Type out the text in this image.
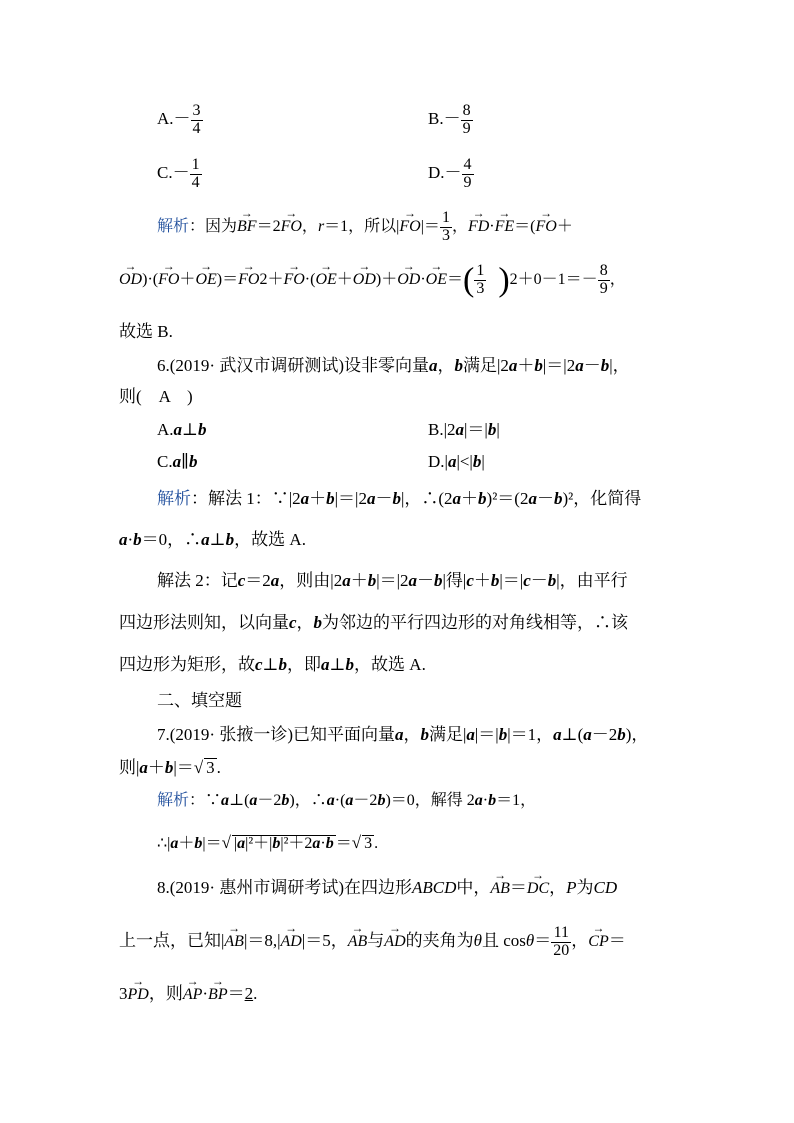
$A.- \frac{3}{4}$	$B.- \frac{8}{9}$
$C.- \frac{1}{4}$	$D.- \frac{4}{9}$
解析：因为→ BF＝2→ FO，r＝1，所以|→ $FO|= \frac{1}{3}$ ，→ FD·→ FE＝(→ FO＋
→ $OD)\cdot(\to FO+\to OE)=\to FO2+\to FO\cdot(\to OE+\to OD)+\to OD\cdot\to OE=( \frac{1}{3} )2+0-1=- \frac{8}{9}$ ，
故选 B.
6.(2019· 武汉市调研测试)设非零向量a，b满足|2a＋b|＝|2a－b|，
则(　A　)
A.a⊥b	B.|2a|＝|b|
C.a∥b	D.|a|<|b|
解析：解法 1：∵|2a＋b|＝|2a－b|，∴(2a＋b)²＝(2a－b)²，化简得
a·b＝0，∴a⊥b，故选 A.
解法 2：记c＝2a，则由|2a＋b|＝|2a－b|得|c＋b|＝|c－b|，由平行
四边形法则知，以向量c，b为邻边的平行四边形的对角线相等，∴该
四边形为矩形，故c⊥b，即a⊥b，故选 A.
二、填空题
7.(2019· 张掖一诊)已知平面向量a，b满足|a|＝|b|＝1，a⊥(a－2b)，
则|a＋b|＝√ 3 .
解析：∵a⊥(a－2b)，∴a·(a－2b)＝0，解得 2a·b＝1，
∴|a＋b|＝√ |a|²＋|b|²＋2a·b ＝√ 3 .
8.(2019· 惠州市调研考试)在四边形ABCD中，→ AB＝→ DC，P为CD
上一点，已知|→ AB|＝8,|→ AD|＝5，→ AB与→ AD的夹角为θ且 $\cos\theta= \frac{11}{20}$ ，→ CP＝
3→ PD，则→ AP·→ BP＝2.
